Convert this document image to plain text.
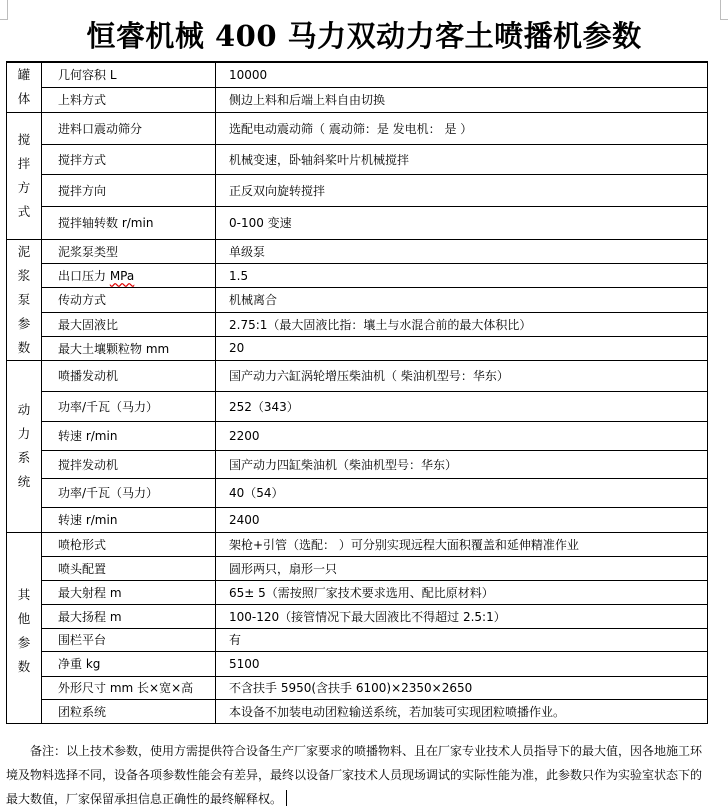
恒睿机械 400 马力双动力客土喷播机参数
罐
体	几何容积 L	10000
	上料方式	侧边上料和后端上料自由切换

搅
拌
方
式	进料口震动筛分	选配电动震动筛（ 震动筛：是 发电机： 是 ）
	搅拌方式	机械变速，卧轴斜桨叶片机械搅拌
	搅拌方向	正反双向旋转搅拌
	搅拌轴转数 r/min	0-100 变速

泥
浆
泵
参
数	泥浆泵类型	单级泵
	出口压力 MPa	1.5
	传动方式	机械离合
	最大固液比	2.75:1（最大固液比指：壤土与水混合前的最大体积比）
	最大土壤颗粒物 mm	20

动
力
系
统	喷播发动机	国产动力六缸涡轮增压柴油机（ 柴油机型号：华东）
	功率/千瓦（马力）	252（343）
	转速 r/min	2200
	搅拌发动机	国产动力四缸柴油机（柴油机型号：华东）
	功率/千瓦（马力）	40（54）
	转速 r/min	2400

其
他
参
数	喷枪形式	架枪+引管（选配： ）可分别实现远程大面积覆盖和延伸精准作业
	喷头配置	圆形两只，扇形一只
	最大射程 m	65± 5（需按照厂家技术要求选用、配比原材料）
	最大扬程 m	100-120（接管情况下最大固液比不得超过 2.5:1）
	围栏平台	有
	净重 kg	5100
	外形尺寸 mm 长×宽×高	不含扶手 5950(含扶手 6100)×2350×2650
	团粒系统	本设备不加装电动团粒输送系统，若加装可实现团粒喷播作业。
备注：以上技术参数，使用方需提供符合设备生产厂家要求的喷播物料、且在厂家专业技术人员指导下的最大值，因各地施工环境及物料选择不同，设备各项参数性能会有差异，最终以设备厂家技术人员现场调试的实际性能为准，此参数只作为实验室状态下的最大数值，厂家保留承担信息正确性的最终解释权。
